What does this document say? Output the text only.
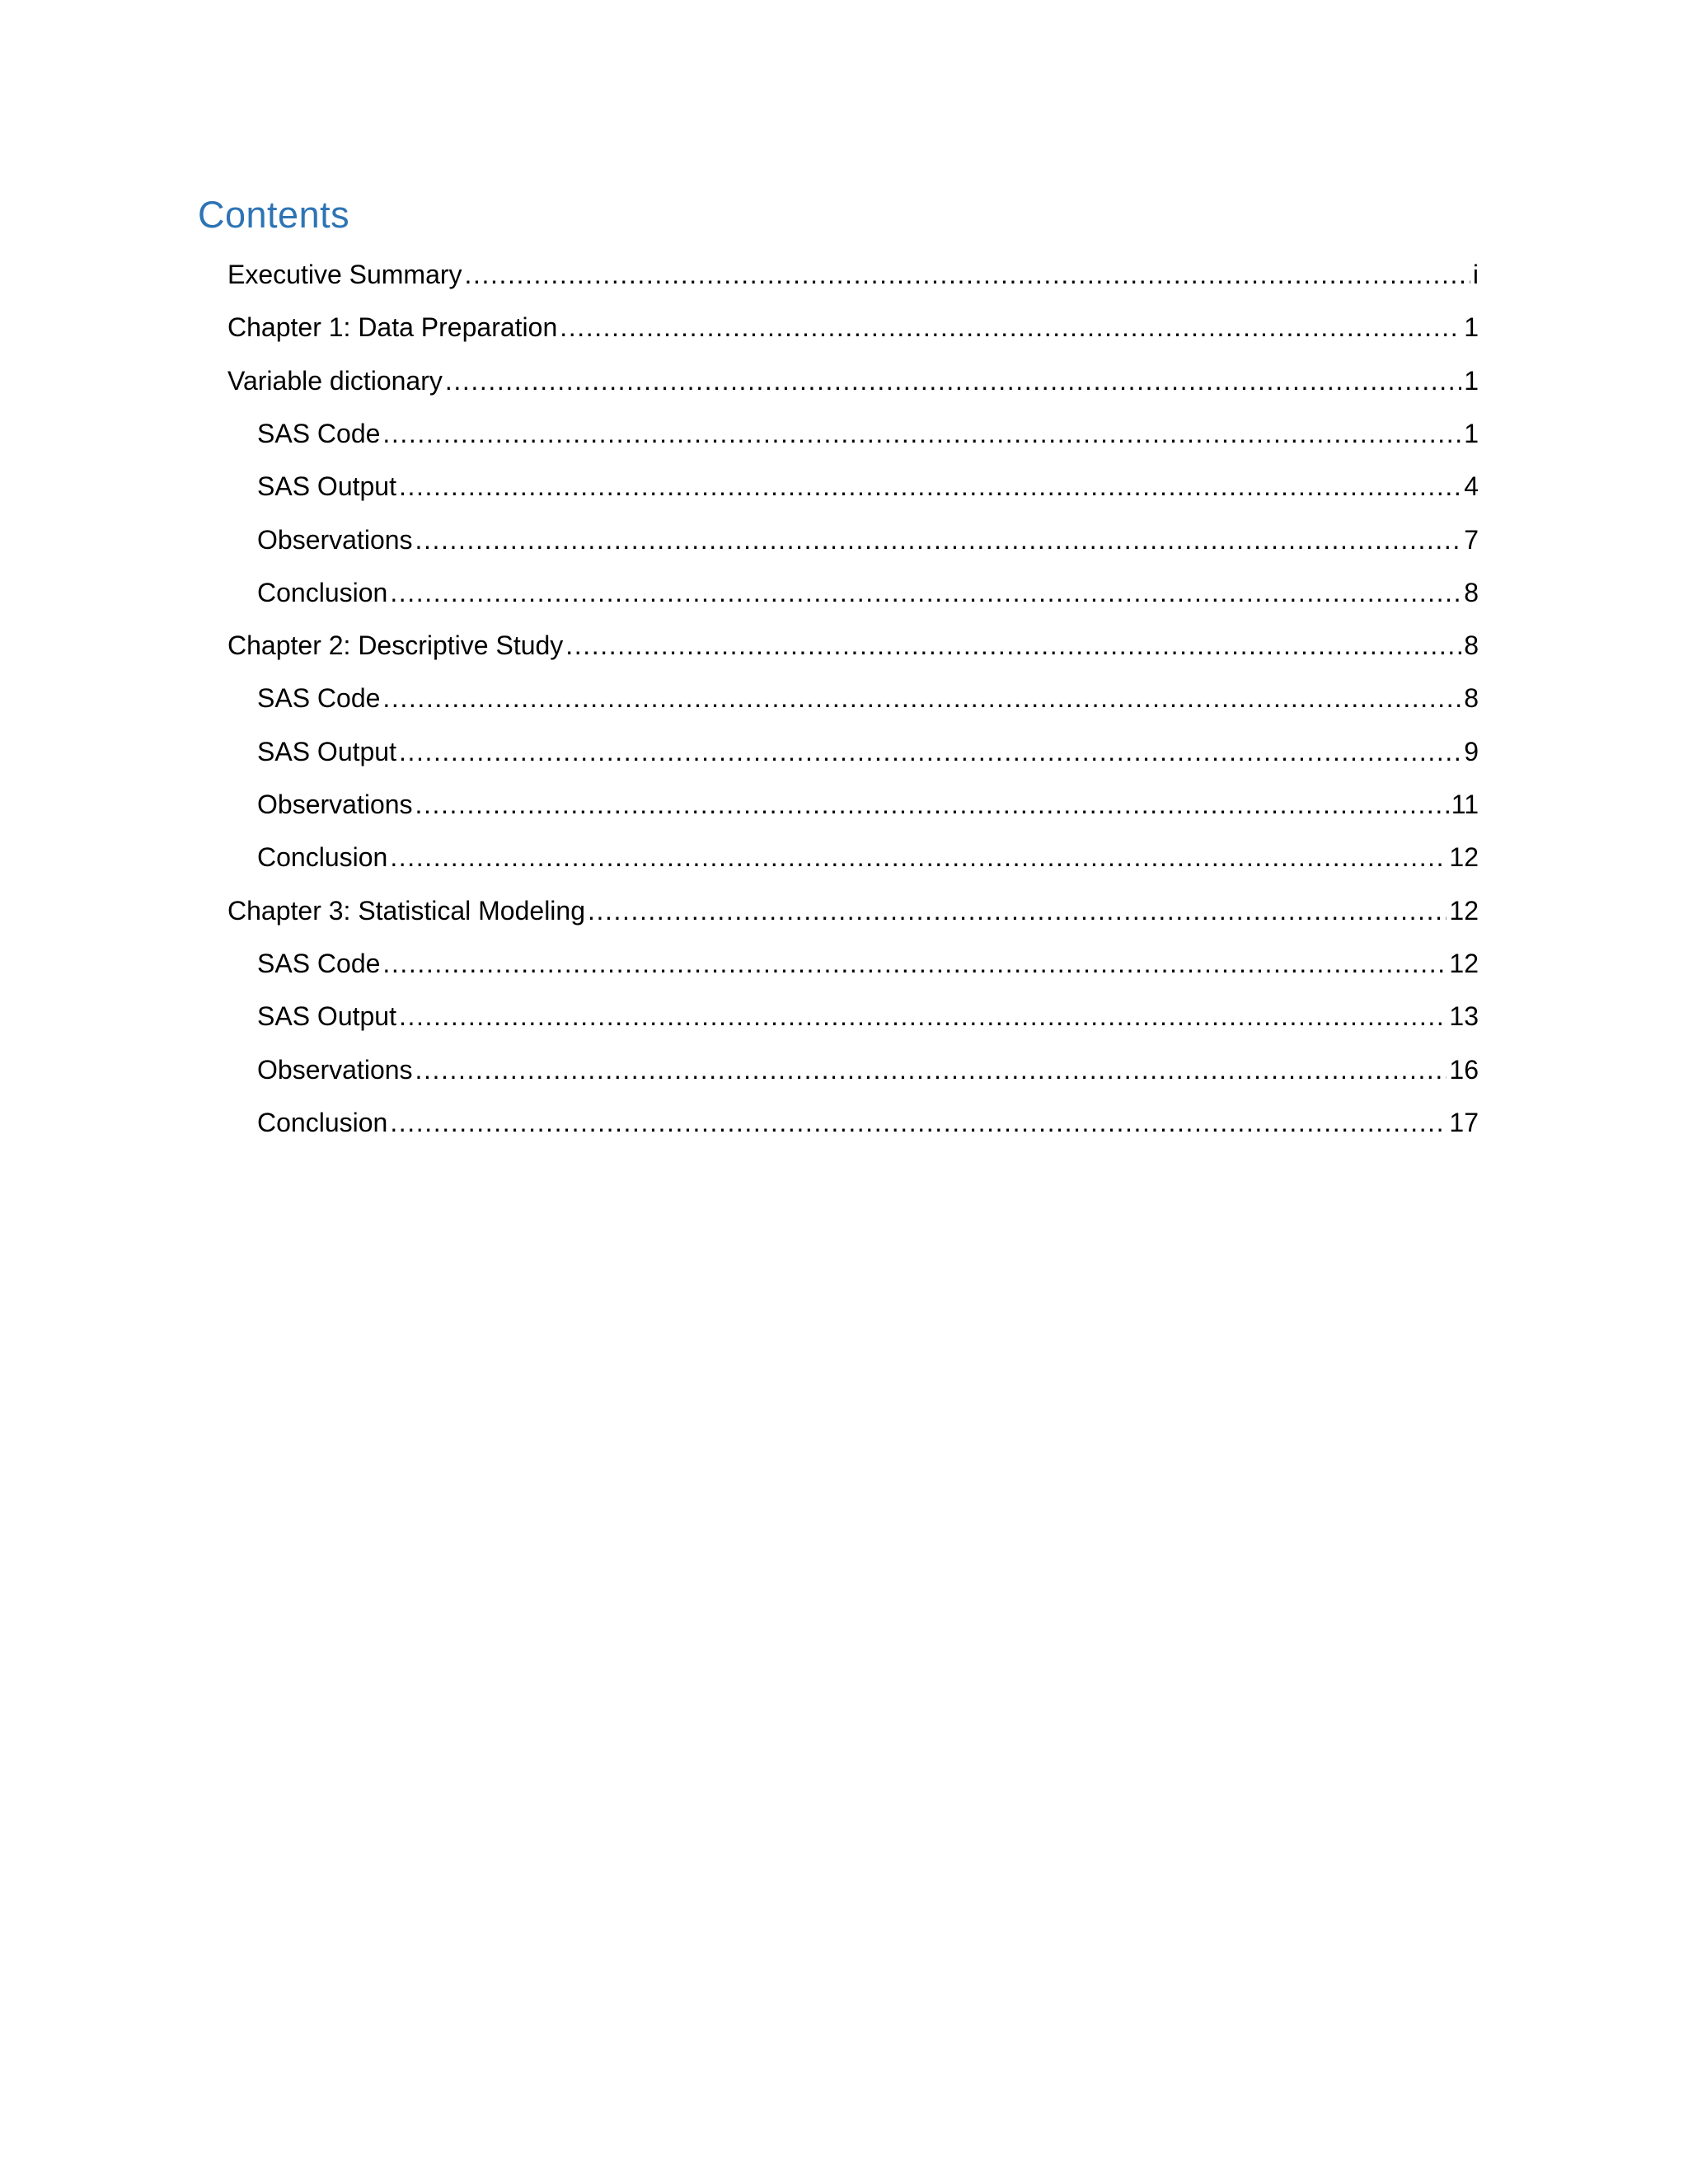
Contents
Executive Summary .....	i
Chapter 1: Data Preparation .....	1
Variable dictionary .....	1
SAS Code .....	1
SAS Output .....	4
Observations .....	7
Conclusion .....	8
Chapter 2: Descriptive Study .....	8
SAS Code .....	8
SAS Output .....	9
Observations .....	11
Conclusion .....	12
Chapter 3: Statistical Modeling .....	12
SAS Code .....	12
SAS Output .....	13
Observations .....	16
Conclusion .....	17
